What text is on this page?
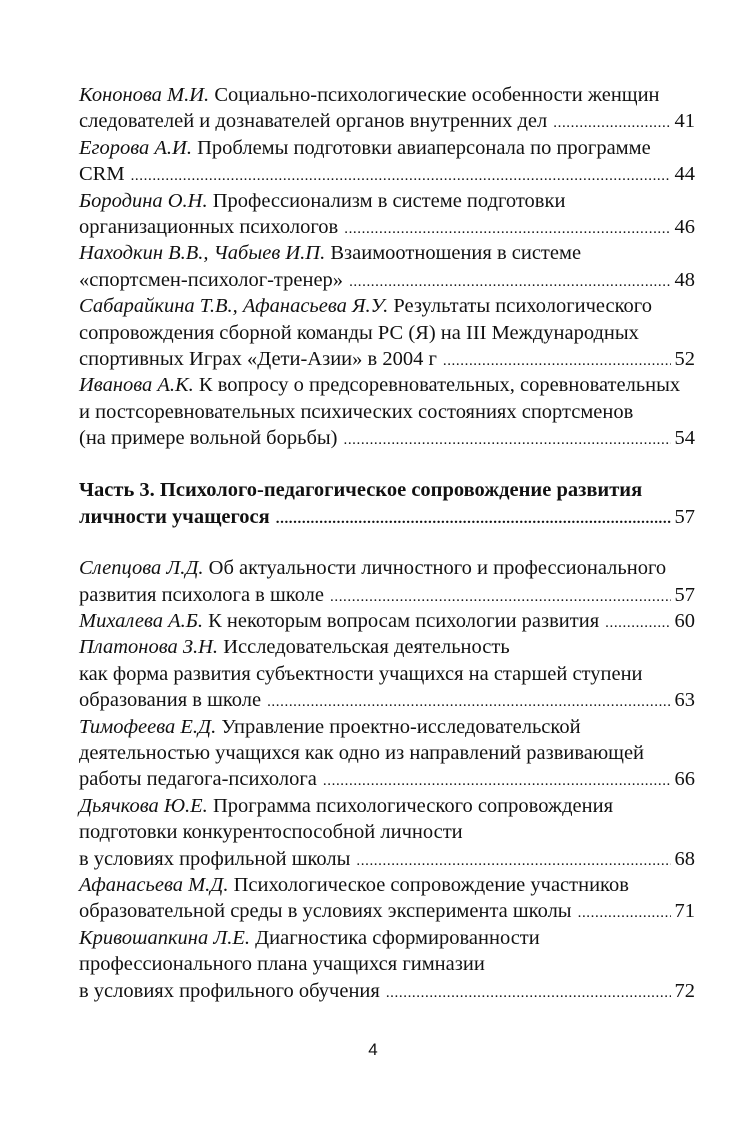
Кононова М.И. Социально-психологические особенности женщин
следователей и дознавателей органов внутренних дел .....	41
Егорова А.И. Проблемы подготовки авиаперсонала по программе
CRM .....	44
Бородина О.Н. Профессионализм в системе подготовки
организационных психологов .....	46
Находкин В.В., Чабыев И.П. Взаимоотношения в системе
«спортсмен-психолог-тренер» .....	48
Сабарайкина Т.В., Афанасьева Я.У. Результаты психологического
сопровождения сборной команды РС (Я) на III Международных
спортивных Играх «Дети-Азии» в 2004 г .....	52
Иванова А.К. К вопросу о предсоревновательных, соревновательных
и постсоревновательных психических состояниях спортсменов
(на примере вольной борьбы) .....	54
Часть 3. Психолого-педагогическое сопровождение развития
личности учащегося .....	57
Слепцова Л.Д. Об актуальности личностного и профессионального
развития психолога в школе .....	57
Михалева А.Б. К некоторым вопросам психологии развития .....	60
Платонова З.Н. Исследовательская деятельность
как форма развития субъектности учащихся на старшей ступени
образования в школе .....	63
Тимофеева Е.Д. Управление проектно-исследовательской
деятельностью учащихся как одно из направлений развивающей
работы педагога-психолога .....	66
Дьячкова Ю.Е. Программа психологического сопровождения
подготовки конкурентоспособной личности
в условиях профильной школы .....	68
Афанасьева М.Д. Психологическое сопровождение участников
образовательной среды в условиях эксперимента школы .....	71
Кривошапкина Л.Е. Диагностика сформированности
профессионального плана учащихся гимназии
в условиях профильного обучения .....	72
4
